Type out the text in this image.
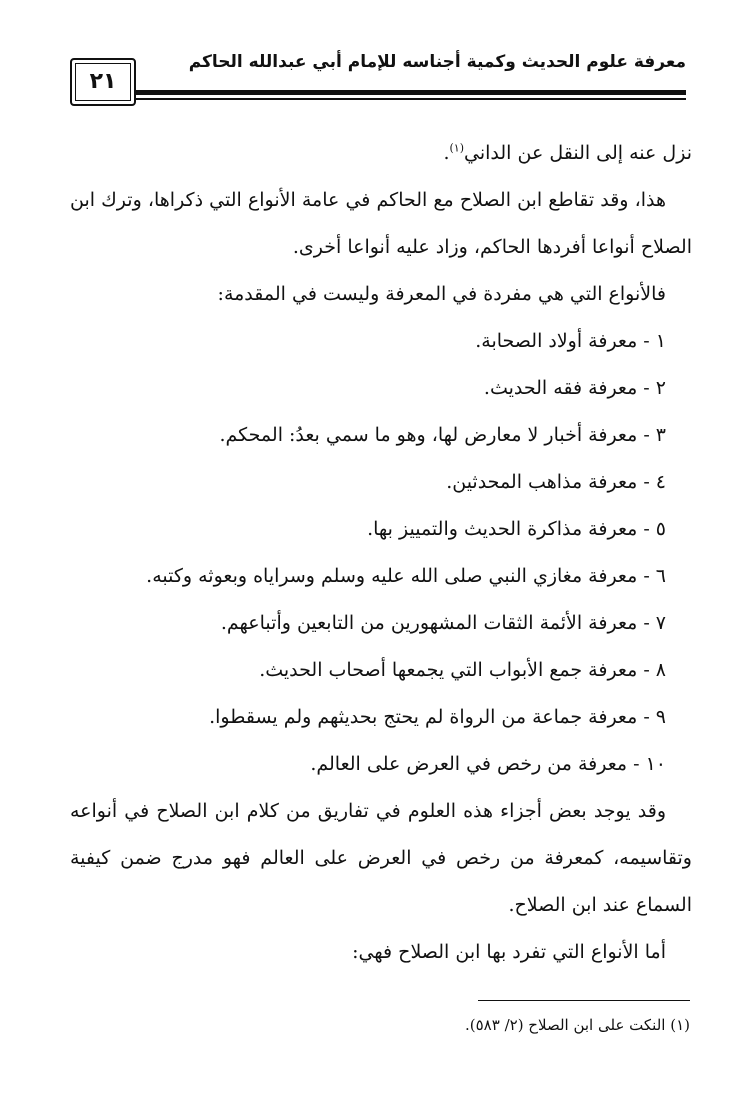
٢١
معرفة علوم الحديث وكمية أجناسه للإمام أبي عبدالله الحاكم

نزل عنه إلى النقل عن الداني$^{(١)}$.

هذا، وقد تقاطع ابن الصلاح مع الحاكم في عامة الأنواع التي ذكراها، وترك ابن الصلاح أنواعا أفردها الحاكم، وزاد عليه أنواعا أخرى.

فالأنواع التي هي مفردة في المعرفة وليست في المقدمة:

١ - معرفة أولاد الصحابة.

٢ - معرفة فقه الحديث.

٣ - معرفة أخبار لا معارض لها، وهو ما سمي بعدُ: المحكم.

٤ - معرفة مذاهب المحدثين.

٥ - معرفة مذاكرة الحديث والتمييز بها.

٦ - معرفة مغازي النبي صلى الله عليه وسلم وسراياه وبعوثه وكتبه.

٧ - معرفة الأئمة الثقات المشهورين من التابعين وأتباعهم.

٨ - معرفة جمع الأبواب التي يجمعها أصحاب الحديث.

٩ - معرفة جماعة من الرواة لم يحتج بحديثهم ولم يسقطوا.

١٠ - معرفة من رخص في العرض على العالم.

وقد يوجد بعض أجزاء هذه العلوم في تفاريق من كلام ابن الصلاح في أنواعه وتقاسيمه، كمعرفة من رخص في العرض على العالم فهو مدرج ضمن كيفية السماع عند ابن الصلاح.

أما الأنواع التي تفرد بها ابن الصلاح فهي:

(١) النكت على ابن الصلاح (٢/ ٥٨٣).
